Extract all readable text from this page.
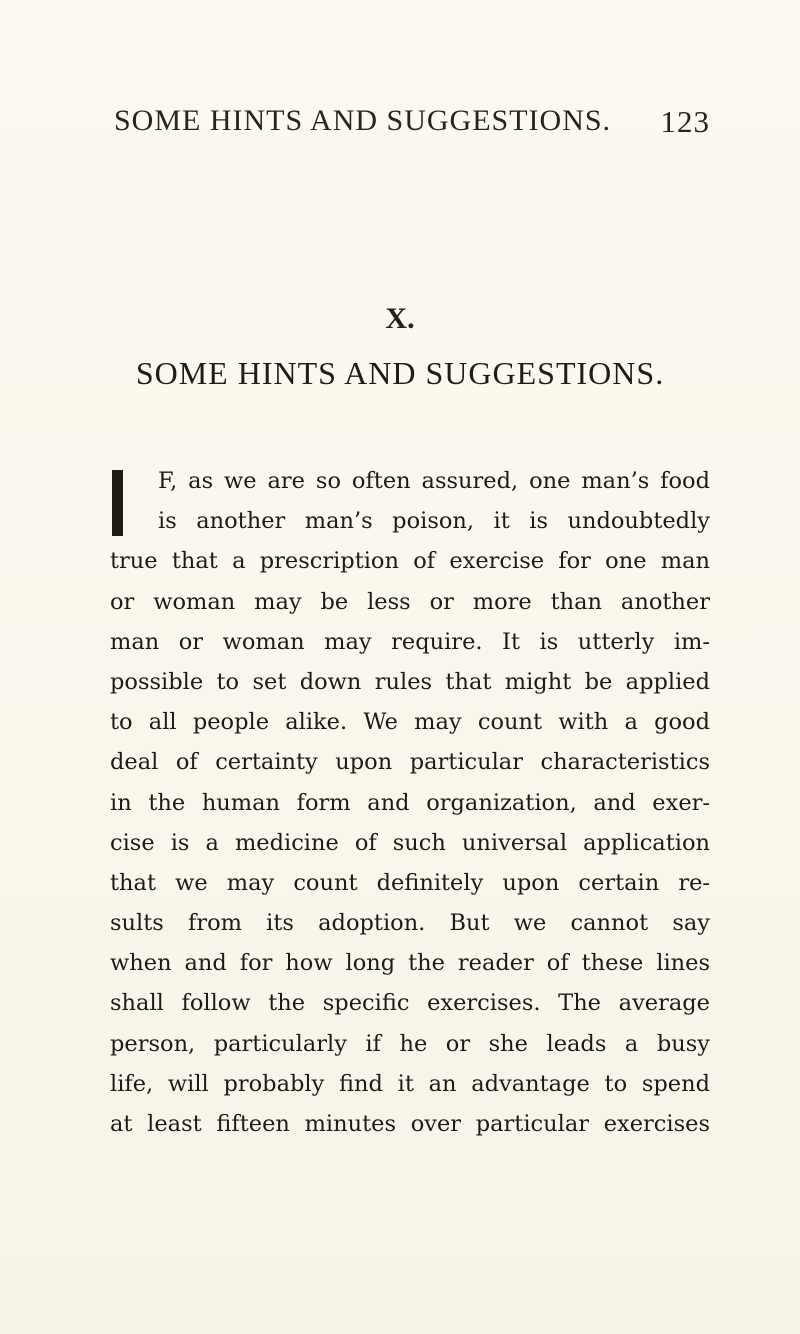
SOME HINTS AND SUGGESTIONS. 123
X.
SOME HINTS AND SUGGESTIONS.
F, as we are so often assured, one man’s food
is another man’s poison, it is undoubtedly
true that a prescription of exercise for one man
or woman may be less or more than another
man or woman may require. It is utterly im-
possible to set down rules that might be applied
to all people alike. We may count with a good
deal of certainty upon particular characteristics
in the human form and organization, and exer-
cise is a medicine of such universal application
that we may count definitely upon certain re-
sults from its adoption. But we cannot say
when and for how long the reader of these lines
shall follow the specific exercises. The average
person, particularly if he or she leads a busy
life, will probably find it an advantage to spend
at least fifteen minutes over particular exercises
